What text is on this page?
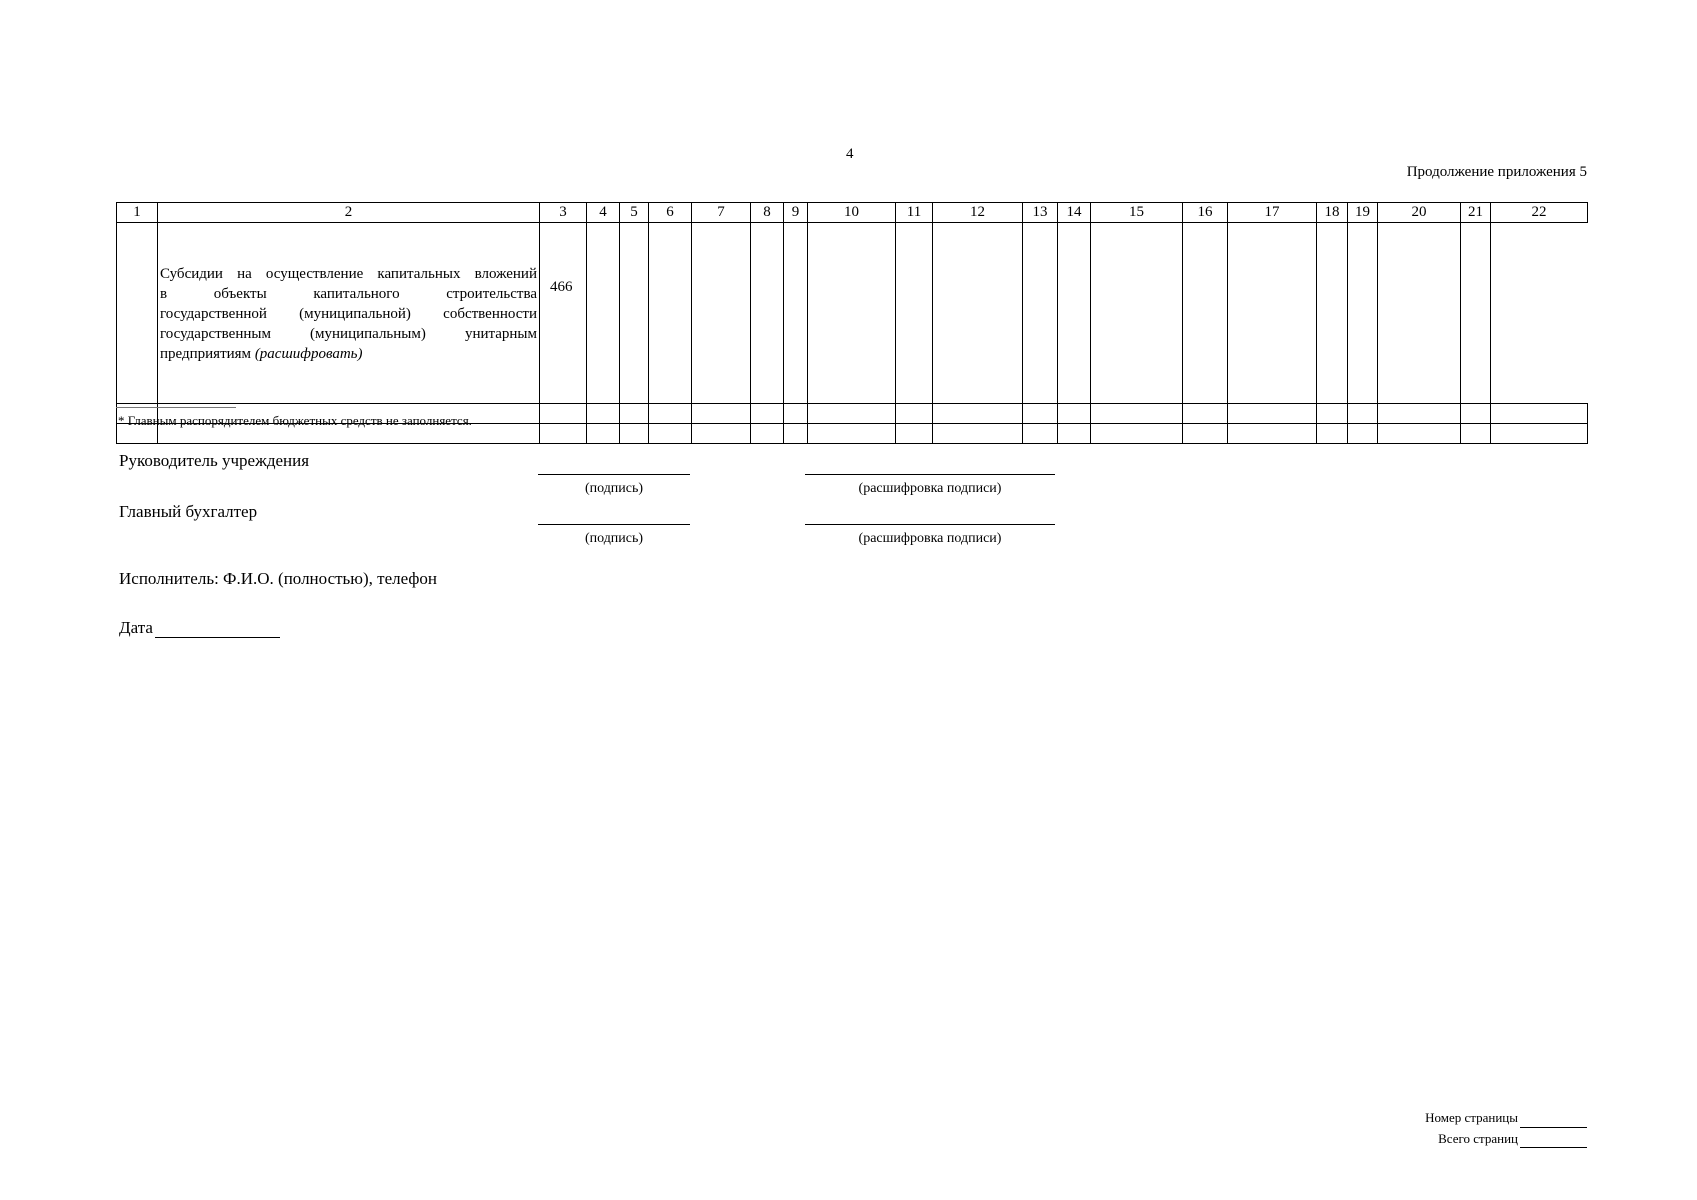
4
Продолжение приложения 5
1	2	3	4	5	6	7	8	9	10	11	12	13	14	15	16	17	18	19	20	21	22

	Субсидии на осуществление капитальных вложений
в объекты капитального строительства
государственной (муниципальной) собственности
государственным (муниципальным) унитарным
предприятиям (расшифровать)	466																			

* Главным распорядителем бюджетных средств не заполняется.
Руководитель учреждения
(подпись)	(расшифровка подписи)
Главный бухгалтер
(подпись)	(расшифровка подписи)
Исполнитель: Ф.И.О. (полностью), телефон
Дата
Номер страницы
Всего страниц
